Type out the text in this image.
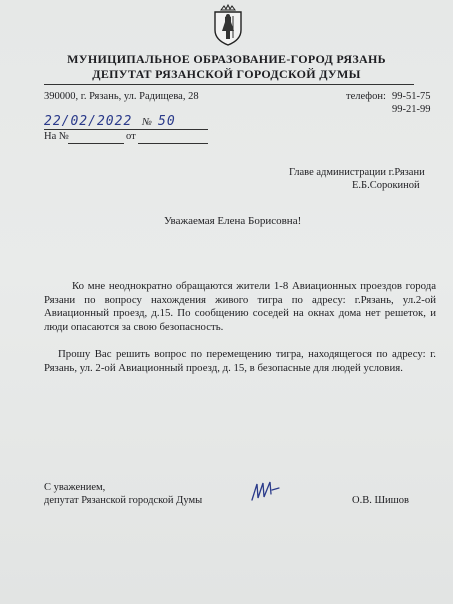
МУНИЦИПАЛЬНОЕ ОБРАЗОВАНИЕ-ГОРОД РЯЗАНЬ
ДЕПУТАТ РЯЗАНСКОЙ ГОРОДСКОЙ ДУМЫ
390000, г. Рязань, ул. Радищева, 28	телефон: 99-51-75
99-21-99
22/02/2022 № 50
На №	от
Главе администрации г.Рязани
Е.Б.Сорокиной
Уважаемая Елена Борисовна!

Ко мне неоднократно обращаются жители 1-8 Авиационных проездов города Рязани по вопросу нахождения живого тигра по адресу: г.Рязань, ул.2-ой Авиационный проезд, д.15. По сообщению соседей на окнах дома нет решеток, и люди опасаются за свою безопасность.

Прошу Вас решить вопрос по перемещению тигра, находящегося по адресу: г. Рязань, ул. 2-ой Авиационный проезд, д. 15, в безопасные для людей условия.

С уважением,
депутат Рязанской городской Думы	О.В. Шишов
